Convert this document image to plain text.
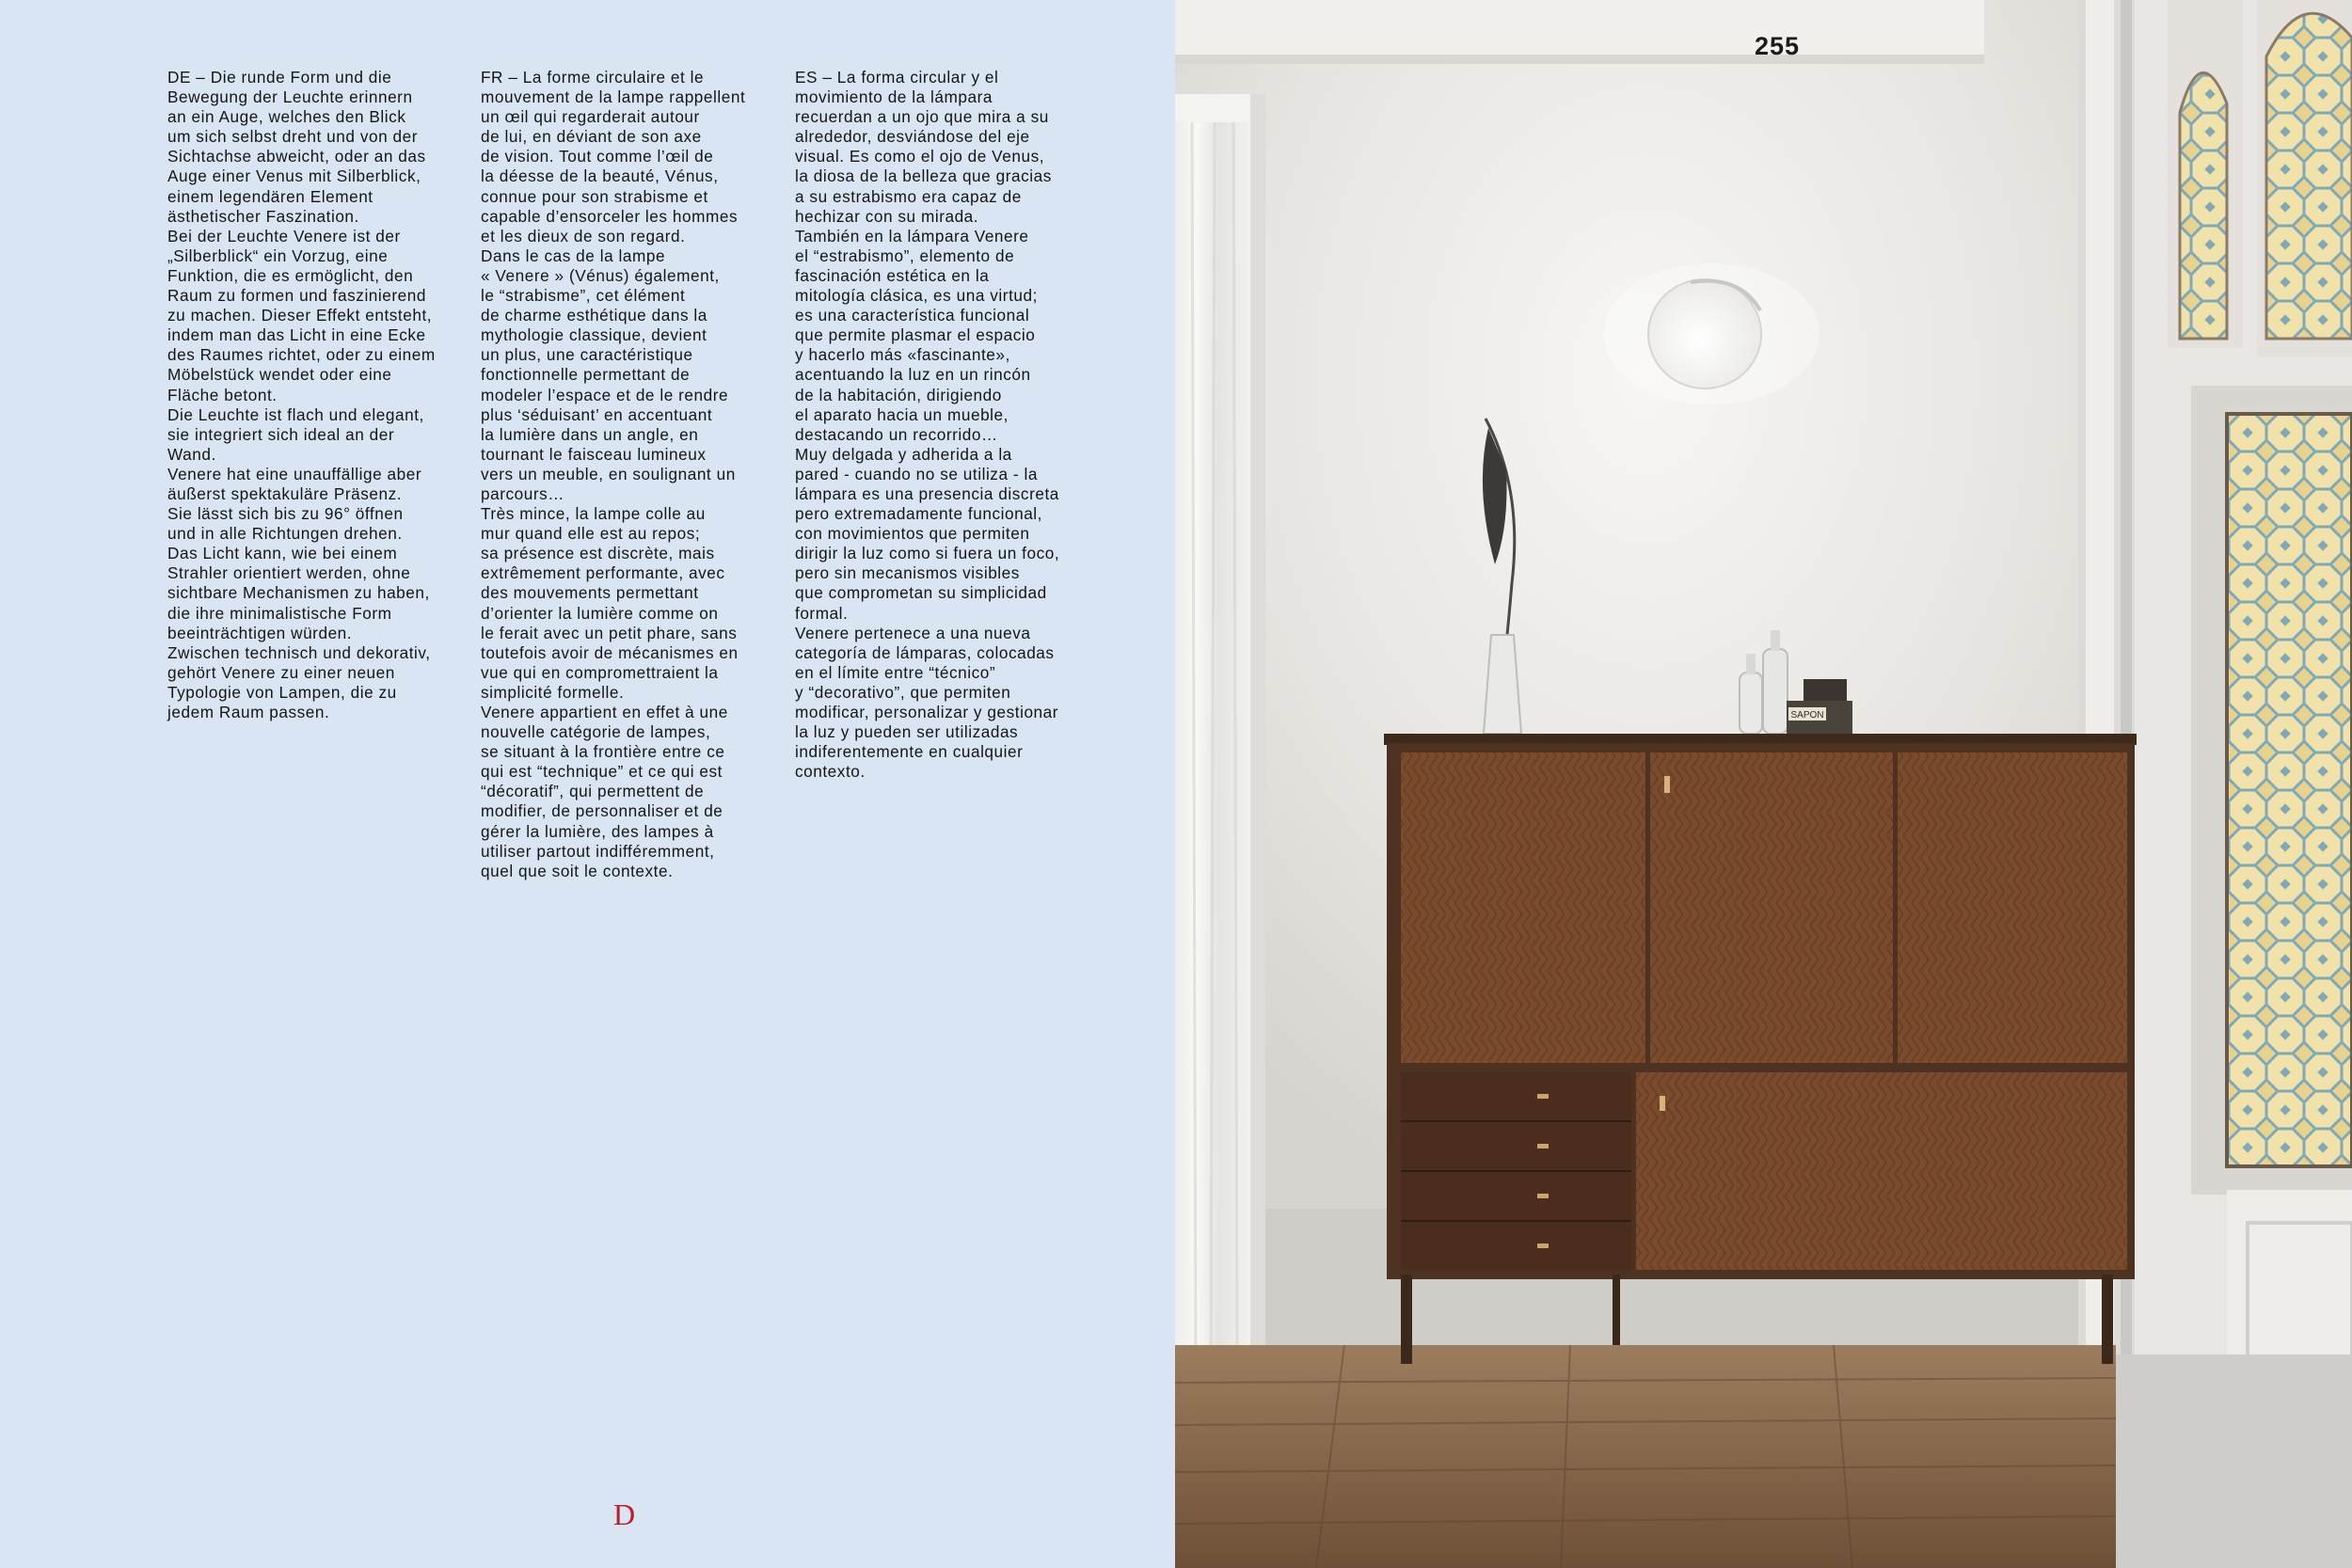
DE – Die runde Form und die

Bewegung der Leuchte erinnern

an ein Auge, welches den Blick

um sich selbst dreht und von der

Sichtachse abweicht, oder an das

Auge einer Venus mit Silberblick,

einem legendären Element

ästhetischer Faszination.

Bei der Leuchte Venere ist der

„Silberblick“ ein Vorzug, eine

Funktion, die es ermöglicht, den

Raum zu formen und faszinierend

zu machen. Dieser Effekt entsteht,

indem man das Licht in eine Ecke

des Raumes richtet, oder zu einem

Möbelstück wendet oder eine

Fläche betont.

Die Leuchte ist flach und elegant,

sie integriert sich ideal an der

Wand.

Venere hat eine unauffällige aber

äußerst spektakuläre Präsenz.

Sie lässt sich bis zu 96° öffnen

und in alle Richtungen drehen.

Das Licht kann, wie bei einem

Strahler orientiert werden, ohne

sichtbare Mechanismen zu haben,

die ihre minimalistische Form

beeinträchtigen würden.

Zwischen technisch und dekorativ,

gehört Venere zu einer neuen

Typologie von Lampen, die zu

jedem Raum passen.

FR – La forme circulaire et le

mouvement de la lampe rappellent

un œil qui regarderait autour

de lui, en déviant de son axe

de vision. Tout comme l’œil de

la déesse de la beauté, Vénus,

connue pour son strabisme et

capable d’ensorceler les hommes

et les dieux de son regard.

Dans le cas de la lampe

« Venere » (Vénus) également,

le “strabisme”, cet élément

de charme esthétique dans la

mythologie classique, devient

un plus, une caractéristique

fonctionnelle permettant de

modeler l’espace et de le rendre

plus ‘séduisant’ en accentuant

la lumière dans un angle, en

tournant le faisceau lumineux

vers un meuble, en soulignant un

parcours…

Très mince, la lampe colle au

mur quand elle est au repos;

sa présence est discrète, mais

extrêmement performante, avec

des mouvements permettant

d’orienter la lumière comme on

le ferait avec un petit phare, sans

toutefois avoir de mécanismes en

vue qui en compromettraient la

simplicité formelle.

Venere appartient en effet à une

nouvelle catégorie de lampes,

se situant à la frontière entre ce

qui est “technique” et ce qui est

“décoratif”, qui permettent de

modifier, de personnaliser et de

gérer la lumière, des lampes à

utiliser partout indifféremment,

quel que soit le contexte.

ES – La forma circular y el

movimiento de la lámpara

recuerdan a un ojo que mira a su

alrededor, desviándose del eje

visual. Es como el ojo de Venus,

la diosa de la belleza que gracias

a su estrabismo era capaz de

hechizar con su mirada.

También en la lámpara Venere

el “estrabismo”, elemento de

fascinación estética en la

mitología clásica, es una virtud;

es una característica funcional

que permite plasmar el espacio

y hacerlo más «fascinante»,

acentuando la luz en un rincón

de la habitación, dirigiendo

el aparato hacia un mueble,

destacando un recorrido…

Muy delgada y adherida a la

pared - cuando no se utiliza - la

lámpara es una presencia discreta

pero extremadamente funcional,

con movimientos que permiten

dirigir la luz como si fuera un foco,

pero sin mecanismos visibles

que comprometan su simplicidad

formal.

Venere pertenece a una nueva

categoría de lámparas, colocadas

en el límite entre “técnico”

y “decorativo”, que permiten

modificar, personalizar y gestionar

la luz y pueden ser utilizadas

indiferentemente en cualquier

contexto.

D
SAPON
255
